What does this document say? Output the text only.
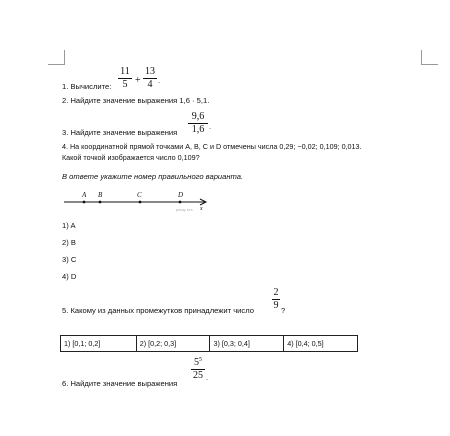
1. Вычислите:
11
5 +
13
4 .
2. Найдите значение выражения 1,6 · 5,1.
3. Найдите значение выражения
9,6
1,6 .
4. На координатной прямой точками A, B, C и D отмечены числа 0,29; −0,02; 0,109; 0,013.
Какой точкой изображается число 0,109?
В ответе укажите номер правильного варианта.
A B	C	D
x
решу егэ
1) A
2) B
3) C
4) D
5. Какому из данных промежутков принадлежит число
2
9 ?
1) [0,1; 0,2]	2) [0,2; 0,3]	3) [0,3; 0,4]	4) [0,4; 0,5]
6. Найдите значение выражения
$5^5$
25 .
